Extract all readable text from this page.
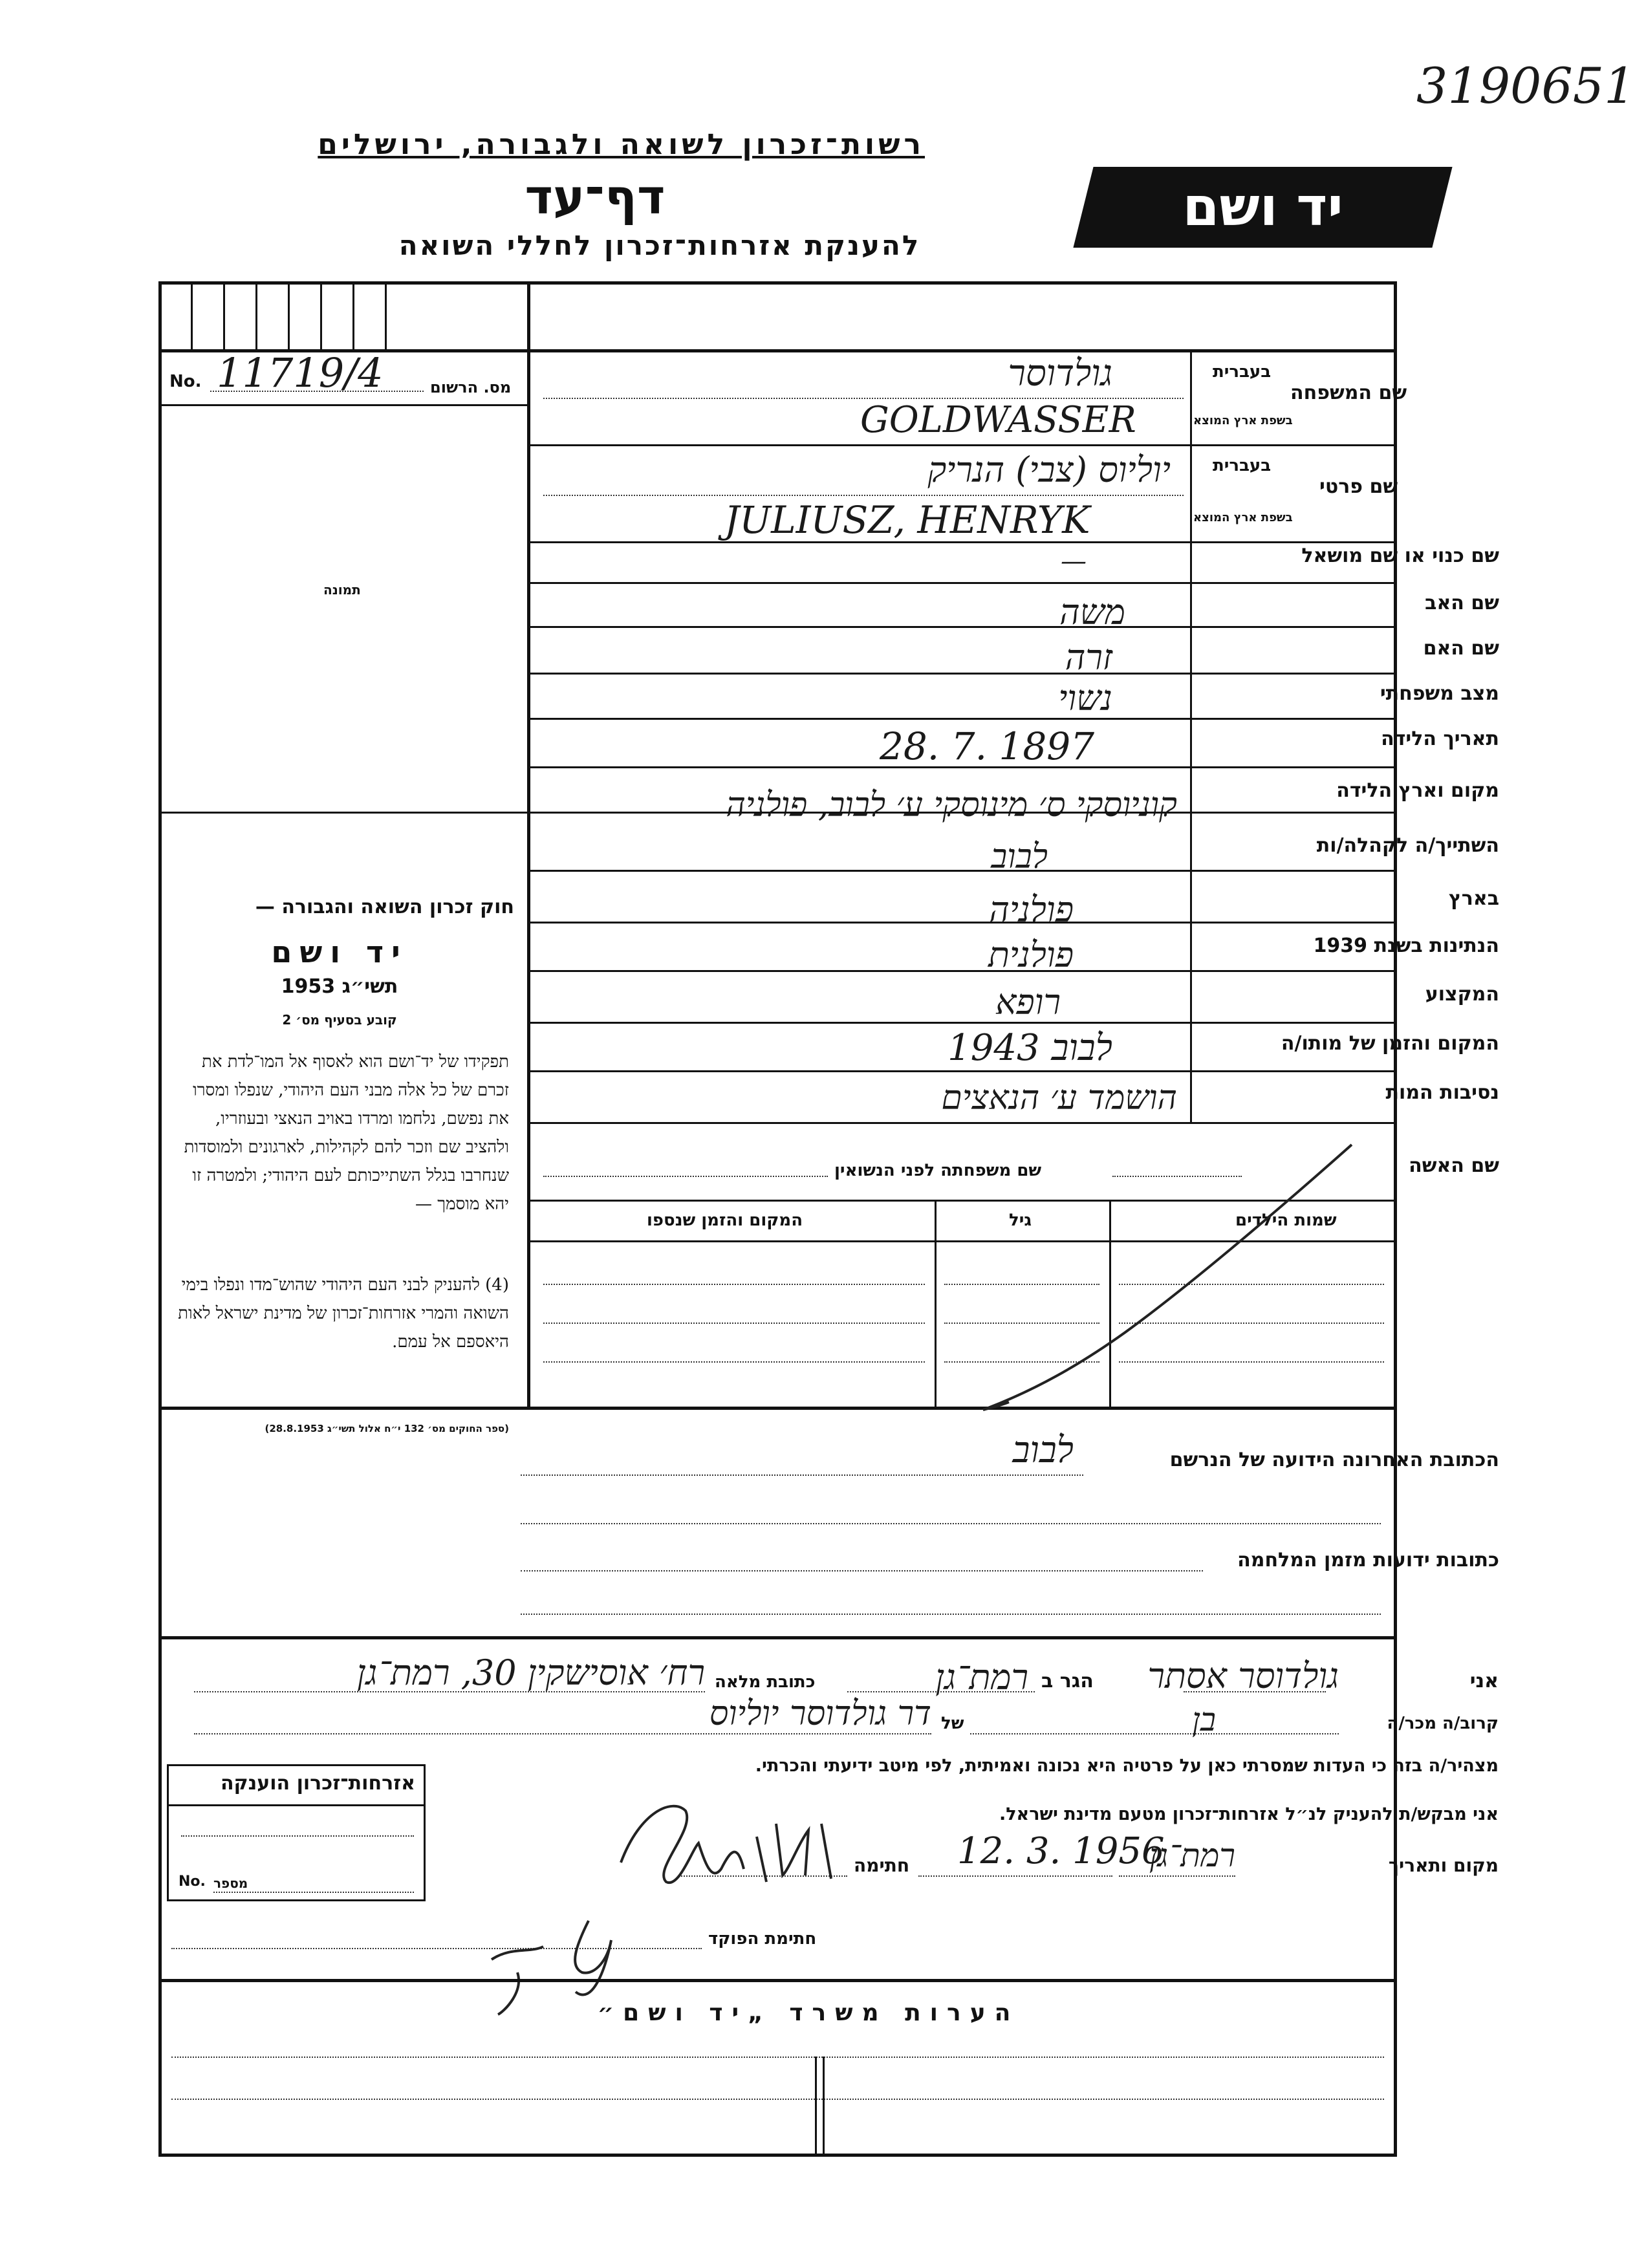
3190651
רשות־זכרון לשואה ולגבורה, ירושלים
דף־עד
להענקת אזרחות־זכרון לחללי השואה
יד ושם
No. 11719/4	מס. הרשום
תמונה
חוק זכרון השואה והגבורה —
יד ושם
תשי״ג 1953
קובע בסעיף מס׳ 2
תפקידו של יד־ושם הוא לאסוף אל המו־לדת את זכרם של כל אלה מבני העם היהודי, שנפלו ומסרו את נפשם, נלחמו ומרדו באויב הנאצי ובעוזריו, ולהציב שם וזכר להם לקהילות, לארגונים ולמוסדות שנחרבו בגלל השתייכותם לעם היהודי; ולמטרה זו יהא מוסמך —
(4) להעניק לבני העם היהודי שהוש־מדו ונפלו בימי השואה והמרי אזרחות־זכרון של מדינת ישראל לאות היאספם אל עמם.
(ספר החוקים מס׳ 132 י״ח אלול תשי״ג 28.8.1953)
שם המשפחה
בעברית
בשפת ארץ המוצא
גולדוסר
GOLDWASSER
שם פרטי
בעברית
בשפת ארץ המוצא
יוליוס (צבי) הנריק
JULIUSZ, HENRYK
שם כנוי או שם מושאל
—
שם האב
משה
שם האם
זרה
מצב משפחתי
נשוי
תאריך הלידה
28. 7. 1897
מקום וארץ הלידה
קוניוסקי ס׳ מינוסקי ע׳ לבוב, פולניה
השתייך/ה לקהלה/ות
לבוב
בארץ
פולניה
הנתינות בשנת 1939
פולנית
המקצוע
רופא
המקום והזמן של מותו/ה
לבוב 1943
נסיבות המות
הושמד ע׳ הנאצים
שם האשה
שם משפחתה לפני הנשואין
שמות הילדים
גיל
המקום והזמן שנספו
הכתובת האחרונה הידועה של הנרשם
לבוב
כתובות ידועות מזמן המלחמה
אני
גולדוסר אסתר
הגר ב
רמת־גן
כתובת מלאה
רח׳ אוסישקין 30, רמת־גן
קרוב/ה מכר/ה
בן
של
דר גולדוסר יוליוס
מצהיר/ה בזה כי העדות שמסרתי כאן על פרטיה היא נכונה ואמיתית, לפי מיטב ידיעתי והכרתי.
אני מבקש/ת להעניק לנ״ל אזרחות־זכרון מטעם מדינת ישראל.
מקום ותאריך
רמת־גן
12. 3. 1956
חתימה
חתימת הפוקד
אזרחות־זכרון הוענקה
No. מספר
הערות משרד „יד ושם״
